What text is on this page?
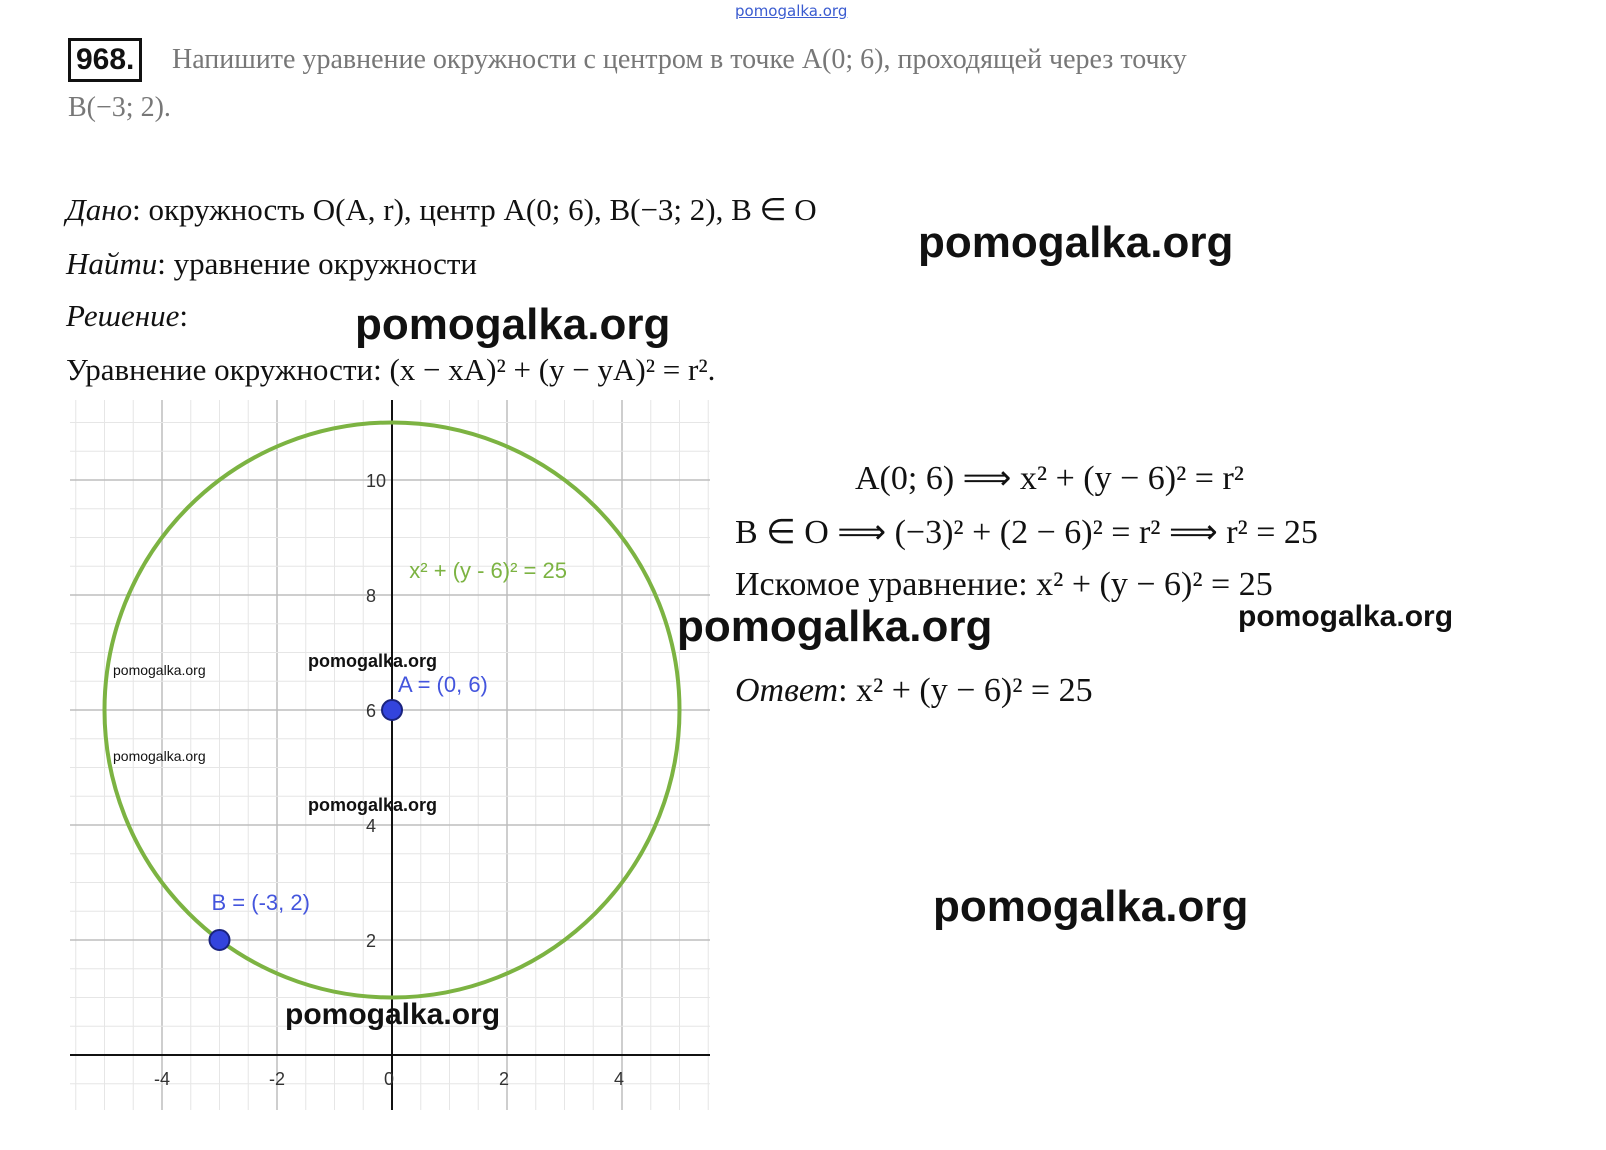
pomogalka.org
968. Напишите уравнение окружности с центром в точке A(0; 6), проходящей через точку
B(−3; 2).
Дано: окружность O(A, r), центр A(0; 6), B(−3; 2), B ∈ O
Найти: уравнение окружности
Решение:
Уравнение окружности: (x − xA)² + (y − yA)² = r².
A(0; 6) ⟹ x² + (y − 6)² = r²
B ∈ O ⟹ (−3)² + (2 − 6)² = r² ⟹ r² = 25
Искомое уравнение: x² + (y − 6)² = 25
Ответ: x² + (y − 6)² = 25
-4	-2	0	2	4
2
4
6
8
10
x² + (y - 6)² = 25
A = (0, 6)
B = (-3, 2)
pomogalka.org
pomogalka.org
pomogalka.org	pomogalka.org
pomogalka.org
pomogalka.org
pomogalka.org
pomogalka.org
pomogalka.org
pomogalka.org
